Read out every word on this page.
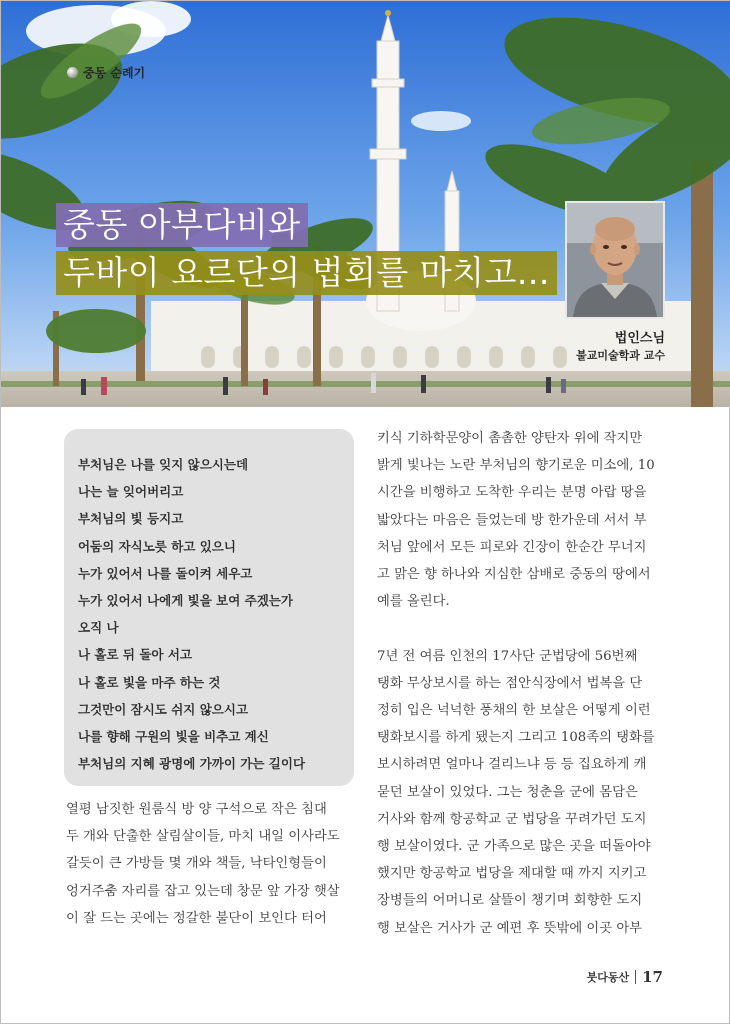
중동 순례기
중동 아부다비와
두바이 요르단의 법회를 마치고...
법인스님
불교미술학과 교수
부처님은 나를 잊지 않으시는데
나는 늘 잊어버리고
부처님의 빛 등지고
어둠의 자식노릇 하고 있으니
누가 있어서 나를 돌이켜 세우고
누가 있어서 나에게 빛을 보여 주겠는가
오직 나
나 홀로 뒤 돌아 서고
나 홀로 빛을 마주 하는 것
그것만이 잠시도 쉬지 않으시고
나를 향해 구원의 빛을 비추고 계신
부처님의 지혜 광명에 가까이 가는 길이다

열평 남짓한 원룸식 방 양 구석으로 작은 침대

두 개와 단출한 살림살이들, 마치 내일 이사라도

갈듯이 큰 가방들 몇 개와 책들, 낙타인형들이

엉거주춤 자리를 잡고 있는데 창문 앞 가장 햇살

이 잘 드는 곳에는 정갈한 불단이 보인다 터어

키식 기하학문양이 촘촘한 양탄자 위에 작지만

밝게 빛나는 노란 부처님의 향기로운 미소에, 10

시간을 비행하고 도착한 우리는 분명 아랍 땅을

밟았다는 마음은 들었는데 방 한가운데 서서 부

처님 앞에서 모든 피로와 긴장이 한순간 무너지

고 맑은 향 하나와 지심한 삼배로 중동의 땅에서

예를 올린다.

7년 전 여름 인천의 17사단 군법당에 56번째

탱화 무상보시를 하는 점안식장에서 법복을 단

정히 입은 넉넉한 풍채의 한 보살은 어떻게 이런

탱화보시를 하게 됐는지 그리고 108족의 탱화를

보시하려면 얼마나 걸리느냐 등 등 집요하게 캐

묻던 보살이 있었다. 그는 청춘을 군에 몸담은

거사와 함께 항공학교 군 법당을 꾸려가던 도지

행 보살이였다. 군 가족으로 많은 곳을 떠돌아야

했지만 항공학교 법당을 제대할 때 까지 지키고

장병들의 어머니로 살뜰이 챙기며 회향한 도지

행 보살은 거사가 군 예편 후 뜻밖에 이곳 아부

붓다동산 17
